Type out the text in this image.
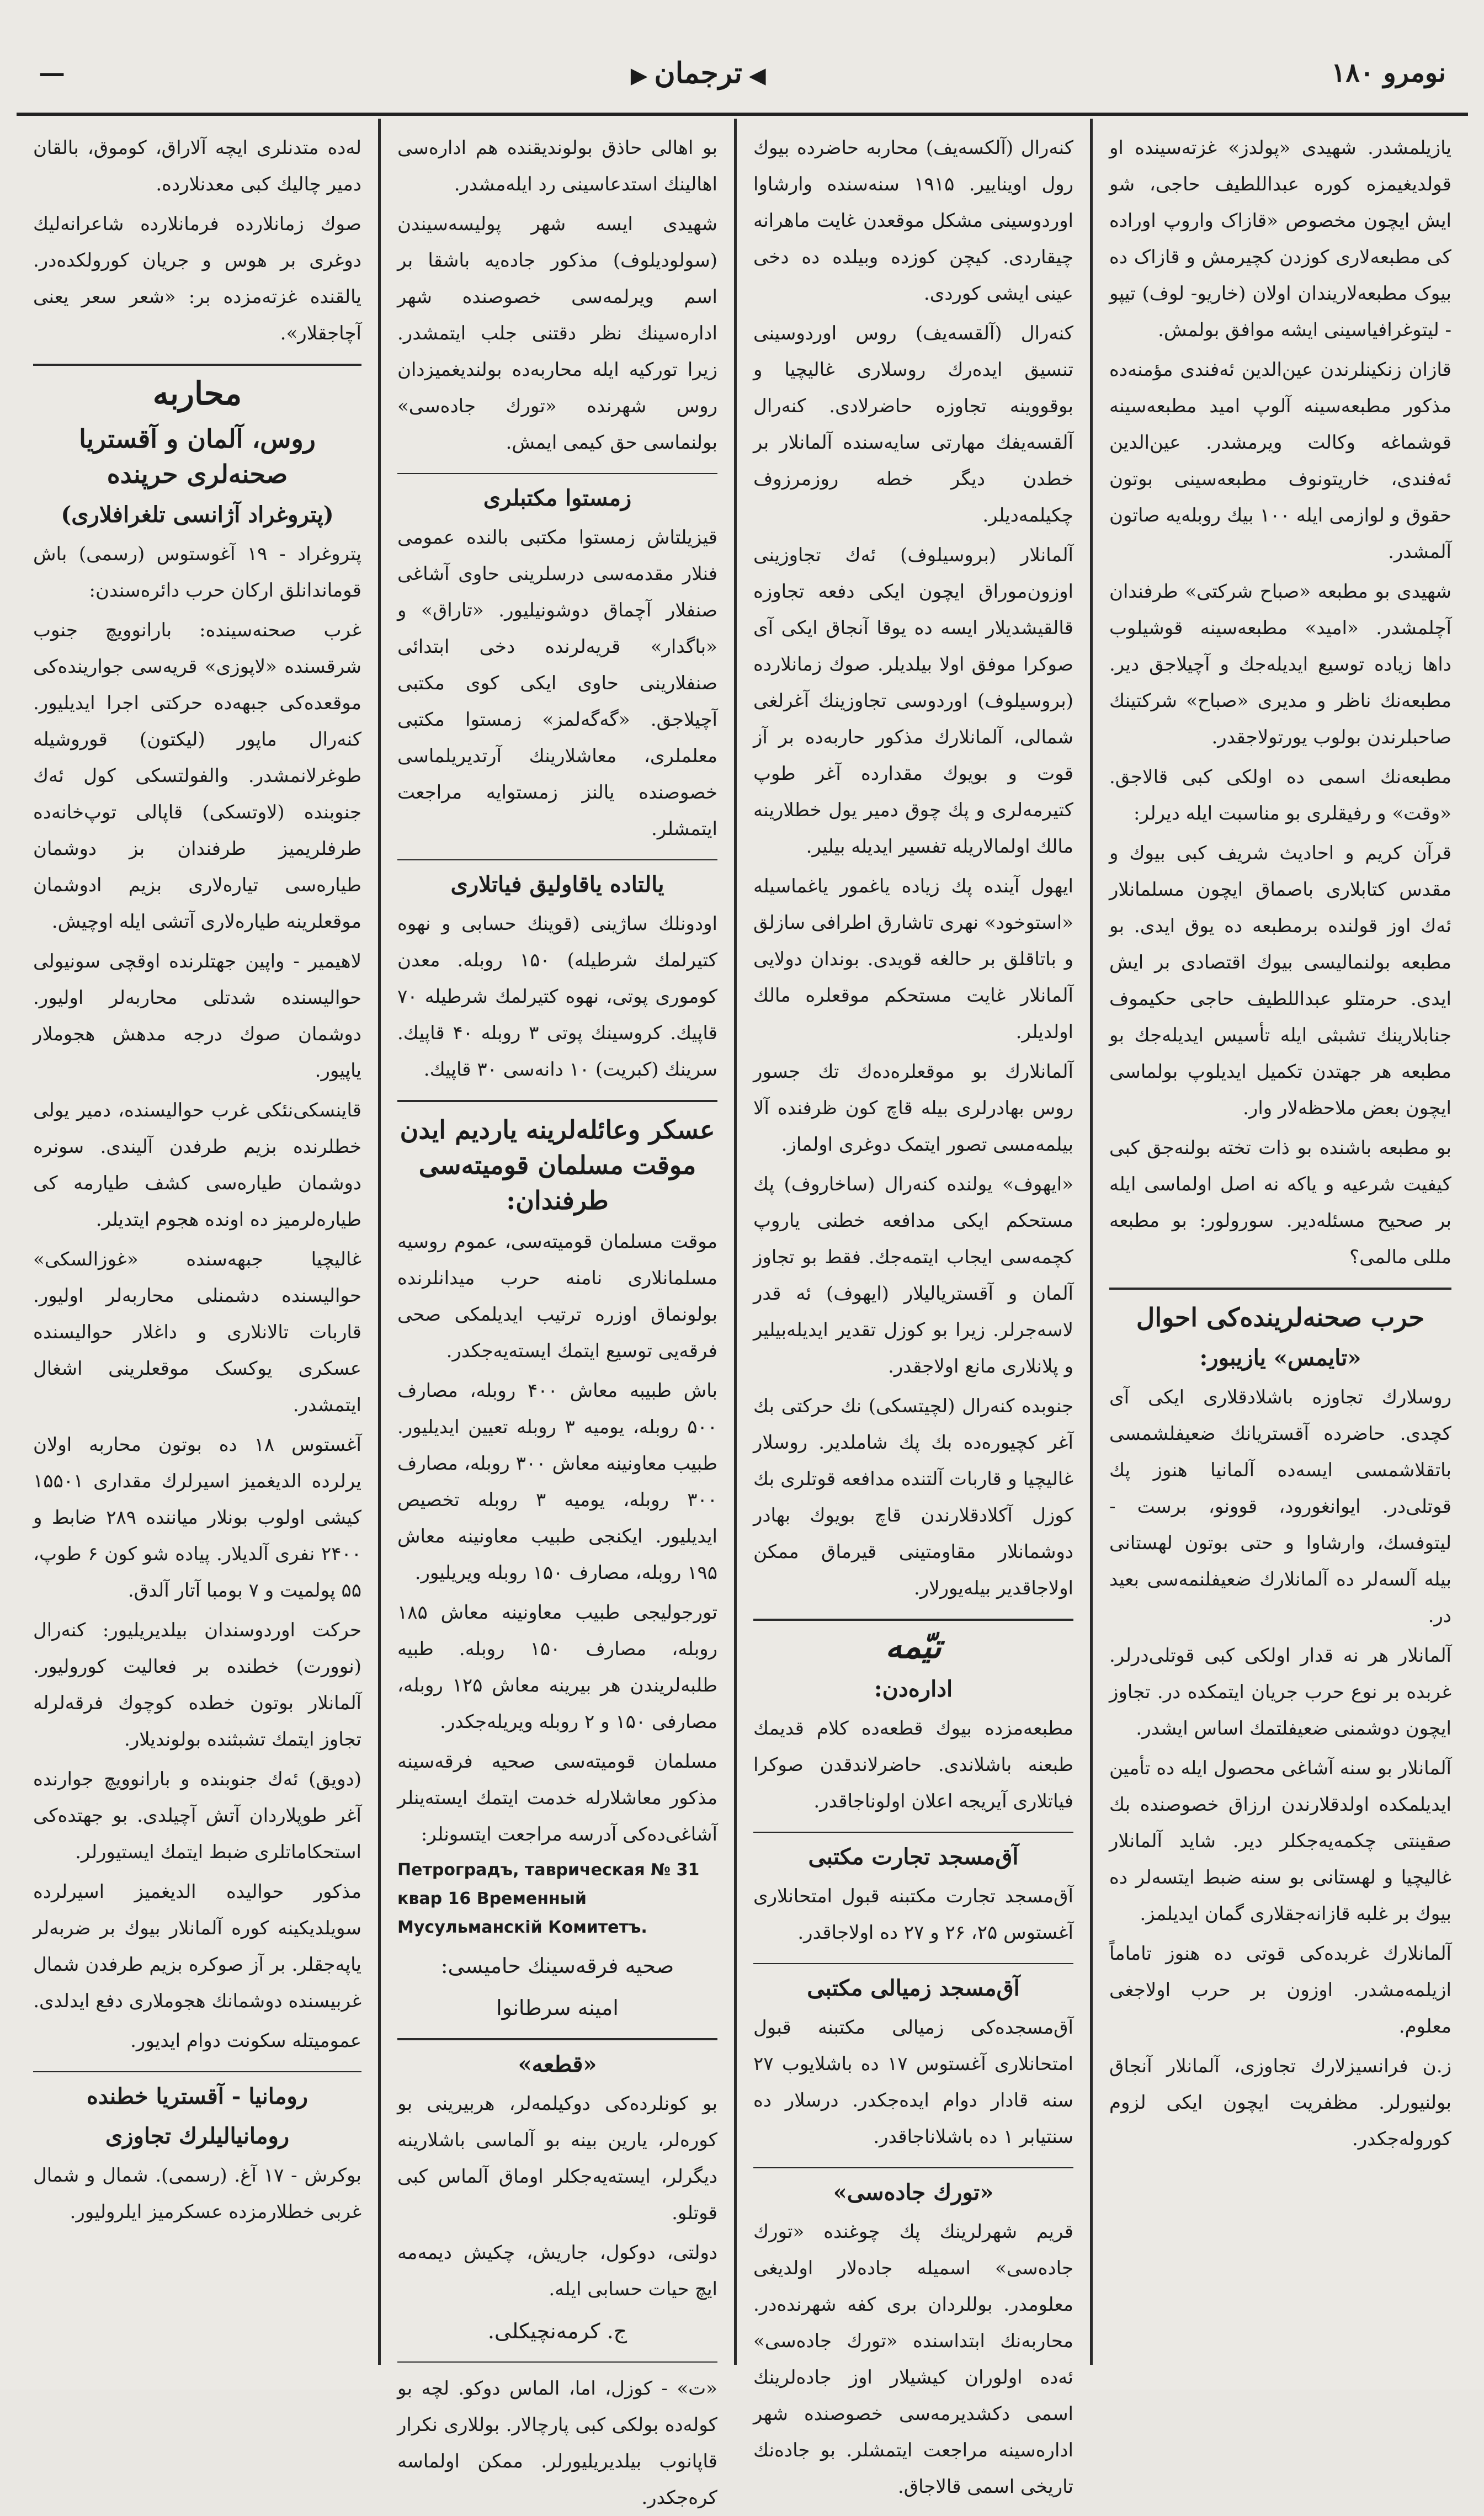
نومرو ١٨٠
◀ترجمان▶
—

یازیلمشدر. شهیدی «پولدز» غزته‌سینده او قولدیغیمزه کوره عبداللطیف حاجی، شو ایش ایچون مخصوص «قازاک واروپ اوراده کی مطبعه‌لاری کوزدن کچیرمش و قازاک ده بیوک مطبعه‌لاریندان اولان (خاریو- لوف) تیپو - لیتوغرافیاسینی ایشه موافق بولمش.

قازان زنکینلرندن عین‌الدین ئه‌فندی مؤمنه‌ده مذکور مطبعه‌سینه آلوپ امید مطبعه‌سینه قوشماغه وکالت ویرمشدر. عین‌الدین ئه‌فندی، خاریتونوف مطبعه‌سینی بوتون حقوق و لوازمی ایله ۱۰۰ بیك روبله‌یه صاتون آلمشدر.

شهیدی بو مطبعه «صباح شرکتی» طرفندان آچلمشدر. «امید» مطبعه‌سینه قوشیلوب داها زیاده توسیع ایدیله‌جك و آچیلاجق دیر. مطبعه‌نك ناظر و مدیری «صباح» شرکتینك صاحبلرندن بولوب یورتولاجقدر.

مطبعه‌نك اسمی ده اولکی کبی قالاجق. «وقت» و رفیقلری بو مناسبت ایله دیرلر:

قرآن کریم و احادیث شریف کبی بیوك و مقدس کتابلاری باصماق ایچون مسلمانلار ئه‌ك اوز قولنده برمطبعه ده یوق ایدی. بو مطبعه بولنمالیسی بیوك اقتصادی بر ایش ایدی. حرمتلو عبداللطیف حاجی حکیموف جنابلارینك تشبثی ایله تأسیس ایدیله‌جك بو مطبعه هر جهتدن تکمیل ایدیلوپ بولماسی ایچون بعض ملاحظه‌لار وار.

بو مطبعه باشنده بو ذات تخته بولنه‌جق کبی کیفیت شرعیه و یاکه نه اصل اولماسی ایله بر صحیح مسئله‌دیر. سورولور: بو مطبعه مللی مالمی؟

حرب صحنه‌لرینده‌کی احوال
«تایمس» یازیبور:

روسلارك تجاوزه باشلادقلاری ایکی آی کچدی. حاضرده آقستریانك ضعیفلشمسی باتقلاشمسی ایسه‌ده آلمانیا هنوز پك قوتلی‌در. ایوانغورود، قوونو، برست - لیتوفسك، وارشاوا و حتی بوتون لهستانی بیله آلسه‌لر ده آلمانلارك ضعیفلنمه‌سی بعید در.

آلمانلار هر نه قدار اولکی کبی قوتلی‌درلر. غربده بر نوع حرب جریان ایتمکده در. تجاوز ایچون دوشمنی ضعیفلتمك اساس ایشدر.

آلمانلار بو سنه آشاغی محصول ایله ده تأمین ایدیلمکده اولدقلارندن ارزاق خصوصنده بك صقینتی چکمه‌یه‌جکلر دیر. شاید آلمانلار غالیچیا و لهستانی بو سنه ضبط ایتسه‌لر ده بیوك بر غلبه قازانه‌جقلاری گمان ایدیلمز.

آلمانلارك غربده‌کی قوتی ده هنوز تاماماً ازیلمه‌مشدر. اوزون بر حرب اولاجغی معلوم.

ز.ن فرانسیزلارك تجاوزی، آلمانلار آنجاق بولنیورلر. مظفریت ایچون ایکی لزوم کوروله‌جکدر.

کنه‌رال (آلکسه‌یف) محاربه حاضرده بیوك رول اویناییر. ۱۹۱۵ سنه‌سنده وارشاوا اوردوسینی مشکل موقعدن غایت ماهرانه چیقاردی. کیچن کوزده وبیلده ده دخی عینی ایشی کوردی.

کنه‌رال (آلقسه‌یف) روس اوردوسینی تنسیق ایده‌رك روسلاری غالیچیا و بوقووینه تجاوزه حاضرلادی. کنه‌رال آلقسه‌یفك مهارتی سایه‌سنده آلمانلار بر خطدن دیگر خطه روزمرزوف چکیلمه‌دیلر.

آلمانلار (بروسیلوف) ئه‌ك تجاوزینی اوزون‌موراق ایچون ایکی دفعه تجاوزه قالقیشدیلار ایسه ده یوقا آنجاق ایکی آی صوکرا موفق اولا بیلدیلر. صوك زمانلارده (بروسیلوف) اوردوسی تجاوزینك آغرلغی شمالی، آلمانلارك مذکور حاربه‌ده بر آز قوت و بویوك مقدارده آغر طوپ کتیرمه‌لری و پك چوق دمیر یول خطلارینه مالك اولمالاریله تفسیر ایدیله بیلیر.

ایهول آینده پك زیاده یاغمور یاغماسیله «استوخود» نهری تاشارق اطرافی سازلق و باتاقلق بر حالغه قویدی. بوندان دولایی آلمانلار غایت مستحکم موقعلره مالك اولدیلر.

آلمانلارك بو موقعلره‌ده‌ك تك جسور روس بهادرلری بیله قاچ کون ظرفنده آلا بیلمه‌مسی تصور ایتمک دوغری اولماز.

«ایهوف» یولنده کنه‌رال (ساخاروف) پك مستحکم ایکی مدافعه خطنی یاروپ کچمه‌سی ایجاب ایتمه‌جك. فقط بو تجاوز آلمان و آقستریالیلار (ایهوف) ئه‌ قدر لاسه‌جرلر. زیرا بو کوزل تقدیر ایدیله‌بیلیر و پلانلاری مانع اولاجقدر.

جنوبده کنه‌رال (لچیتسکی) نك حرکتی بك آغر کچیوره‌ده بك پك شاملدیر. روسلار غالیچیا و قاربات آلتنده مدافعه قوتلری بك کوزل آکلادقلارندن قاچ بویوك بهادر دوشمانلار مقاومتینی قیرماق ممکن اولاجاقدیر بیله‌یورلار.

تیّمه
اداره‌دن:

مطبعه‌مزده بیوك قطعه‌ده کلام قدیمك طبعنه باشلاندی. حاضرلاندقدن صوکرا فیاتلاری آیریجه اعلان اولوناجاقدر.

آق‌مسجد تجارت مکتبی

آق‌مسجد تجارت مکتبنه قبول امتحانلاری آغستوس ۲۵، ۲۶ و ۲۷ ده اولاجاقدر.

آق‌مسجد زمیالی مکتبی

آق‌مسجده‌کی زمیالی مکتبنه قبول امتحانلاری آغستوس ۱۷ ده باشلایوب ۲۷ سنه قادار دوام ایده‌جکدر. درسلار ده سنتیابر ۱ ده باشلاناجاقدر.

«تورك جاده‌سی»

قریم شهرلرینك پك چوغنده «تورك جاده‌سی» اسمیله جاده‌لار اولدیغی معلومدر. بوللردان بری کفه شهرنده‌در. محاربه‌نك ابتداسنده «تورك جاده‌سی» ئه‌ده اولوران کیشیلار اوز جاده‌لرینك اسمی دکشدیرمه‌سی خصوصنده شهر اداره‌سینه مراجعت ایتمشلر. بو جاده‌نك تاریخی اسمی قالاجاق.

بو اهالی حاذق بولوندیقنده هم اداره‌سی اهالینك استدعاسینی رد ایله‌مشدر.

شهیدی ایسه شهر پولیسه‌سیندن (سولودیلوف) مذکور جاده‌یه باشقا بر اسم ویرلمه‌سی خصوصنده شهر اداره‌سینك نظر دقتنی جلب ایتمشدر. زیرا تورکیه ایله محاربه‌ده بولندیغمیزدان روس شهرنده «تورك جاده‌سی» بولنماسی حق کیمی ایمش.

زمستوا مکتبلری

قیزیلتاش زمستوا مکتبی بالنده عمومی فنلار مقدمه‌سی درسلرینی حاوی آشاغی صنفلار آچماق دوشونیلیور. «تاراق» و «باگدار» قریه‌لرنده دخی ابتدائی صنفلارینی حاوی ایکی کوی مکتبی آچیلاجق. «گه‌گه‌لمز» زمستوا مکتبی معلملری، معاشلارینك آرتدیریلماسی خصوصنده یالنز زمستوایه مراجعت ایتمشلر.

یالتاده یاقاولیق فیاتلاری

اودونلك ساژینی (قوینك حسابی و نهوه کتیرلمك شرطیله) ۱۵۰ روبله. معدن کوموری پوتی، نهوه کتیرلمك شرطیله ۷۰ قاپیك. کروسینك پوتی ۳ روبله ۴۰ قاپیك. سرینك (کبریت) ۱۰ دانه‌سی ۳۰ قاپیك.

عسکر وعائله‌لرینه یاردیم ایدن موقت مسلمان قومیته‌سی طرفندان:

موقت مسلمان قومیته‌سی، عموم روسیه مسلمانلاری نامنه حرب میدانلرنده بولونماق اوزره ترتیب ایدیلمکی صحی فرقه‌یی توسیع ایتمك ایسته‌یه‌جکدر.

باش طبیبه معاش ۴۰۰ روبله، مصارف ۵۰۰ روبله، یومیه ۳ روبله تعیین ایدیلیور. طبیب معاونینه معاش ۳۰۰ روبله، مصارف ۳۰۰ روبله، یومیه ۳ روبله تخصیص ایدیلیور. ایکنجی طبیب معاونینه معاش ۱۹۵ روبله، مصارف ۱۵۰ روبله ویریلیور.

تورجولیجی طبیب معاونینه معاش ۱۸۵ روبله، مصارف ۱۵۰ روبله. طبیه طلبه‌لریندن هر بیرینه معاش ۱۲۵ روبله، مصارفی ۱۵۰ و ۲ روبله ویریله‌جکدر.

مسلمان قومیته‌سی صحیه فرقه‌سینه مذکور معاشلارله خدمت ایتمك ایسته‌ینلر آشاغی‌ده‌کی آدرسه مراجعت ایتسونلر:

Петроградъ, таврическая № 31 квар 16 Временный Мусульманскій Комитетъ.
صحیه فرقه‌سینك حامیسی:
امینه سرطانوا
«قطعه»

بو کونلرده‌کی دوکیلمه‌لر، هربیرینی بو کوره‌لر، یارین بینه بو آلماسی باشلارینه دیگرلر، ایسته‌یه‌جکلر اوماق آلماس کبی قوتلو.

دولتی، دوکول، جاریش، چکیش دیمه‌مه ایچ حیات حسابی ایله.

ج. کرمه‌نچیکلی.

«ت» - کوزل، اما، الماس دوکو. لچه بو کوله‌ده بولکی کبی پارچالار. بوللاری نکرار قاپانوب بیلدیریلیورلر. ممکن اولماسه کره‌جکدر.

له‌ده متدنلری ایچه آلاراق، کوموق، بالقان دمیر چالیك کبی معدنلارده.

صوك زمانلارده فرمانلارده شاعرانه‌لیك دوغری بر هوس و جریان کورولکده‌در. یالقنده غزته‌مزده بر: «شعر سعر یعنی آچاجقلار».

محاربه
روس، آلمان و آقستریا صحنه‌لری حرپنده
(پتروغراد آژانسی تلغرافلاری)

پتروغراد - ۱۹ آغوستوس (رسمی) باش قوماندانلق ارکان حرب دائره‌سندن:

غرب صحنه‌سینده: بارانوویچ جنوب شرقسنده «لاپوزی» قریه‌سی جوارینده‌کی موقعده‌کی جبهه‌ده حرکتی اجرا ایدیلیور. کنه‌رال ماپور (لیکتون) قوروشیله طوغرلانمشدر. والفولتسکی کول ئه‌ك جنوبنده (لاوتسکی) قاپالی توپ‌خانه‌ده طرفلریمیز طرفندان بز دوشمان طیاره‌سی تیاره‌لاری بزیم ادوشمان موقعلرینه طیاره‌لاری آتشی ایله اوچیش.

لاهیمیر - واپین جهتلرنده اوقچی سونیولی حوالیسنده شدتلی محاربه‌لر اولیور. دوشمان صوك درجه مدهش هجوملار یاپیور.

قاینسکی‌نئکی غرب حوالیسنده، دمیر یولی خطلرنده بزیم طرفدن آلیندی. سونره دوشمان طیاره‌سی کشف طیارمه کی طیاره‌لرمیز ده اونده هجوم ایتدیلر.

غالیچیا جبهه‌سنده «غوزالسکی» حوالیسنده دشمنلی محاربه‌لر اولیور. قاربات تالانلاری و داغلار حوالیسنده عسکری یوکسک موقعلرینی اشغال ایتمشدر.

آغستوس ۱۸ ده بوتون محاربه اولان یرلرده الدیغمیز اسیرلرك مقداری ۱۵۵۰۱ کیشی اولوب بونلار میاننده ۲۸۹ ضابط و ۲۴۰۰ نفری آلدیلار. پیاده شو کون ۶ طوپ، ۵۵ پولمیت و ۷ بومبا آتار آلدق.

حرکت اوردوسندان بیلدیریلیور: کنه‌رال (نوورت) خطنده بر فعالیت کورولیور. آلمانلار بوتون خطده کوچوك فرقه‌لرله تجاوز ایتمك تشبثنده بولوندیلار.

(دویق) ئه‌ك جنوبنده و بارانوویچ جوارنده آغر طوپلاردان آتش آچیلدی. بو جهتده‌کی استحکاماتلری ضبط ایتمك ایستیورلر.

مذکور حوالیده الدیغمیز اسیرلرده سویلدیکینه کوره آلمانلار بیوك بر ضربه‌لر یاپه‌جقلر. بر آز صوکره بزیم طرفدن شمال غربیسنده دوشمانك هجوملاری دفع ایدلدی.

عمومیتله سکونت دوام ایدیور.

رومانیا - آقستریا خطنده
رومانیالیلرك تجاوزی

بوکرش - ۱۷ آغ. (رسمی). شمال و شمال غربی خطلارمزده عسکرمیز ایلرولیور.
